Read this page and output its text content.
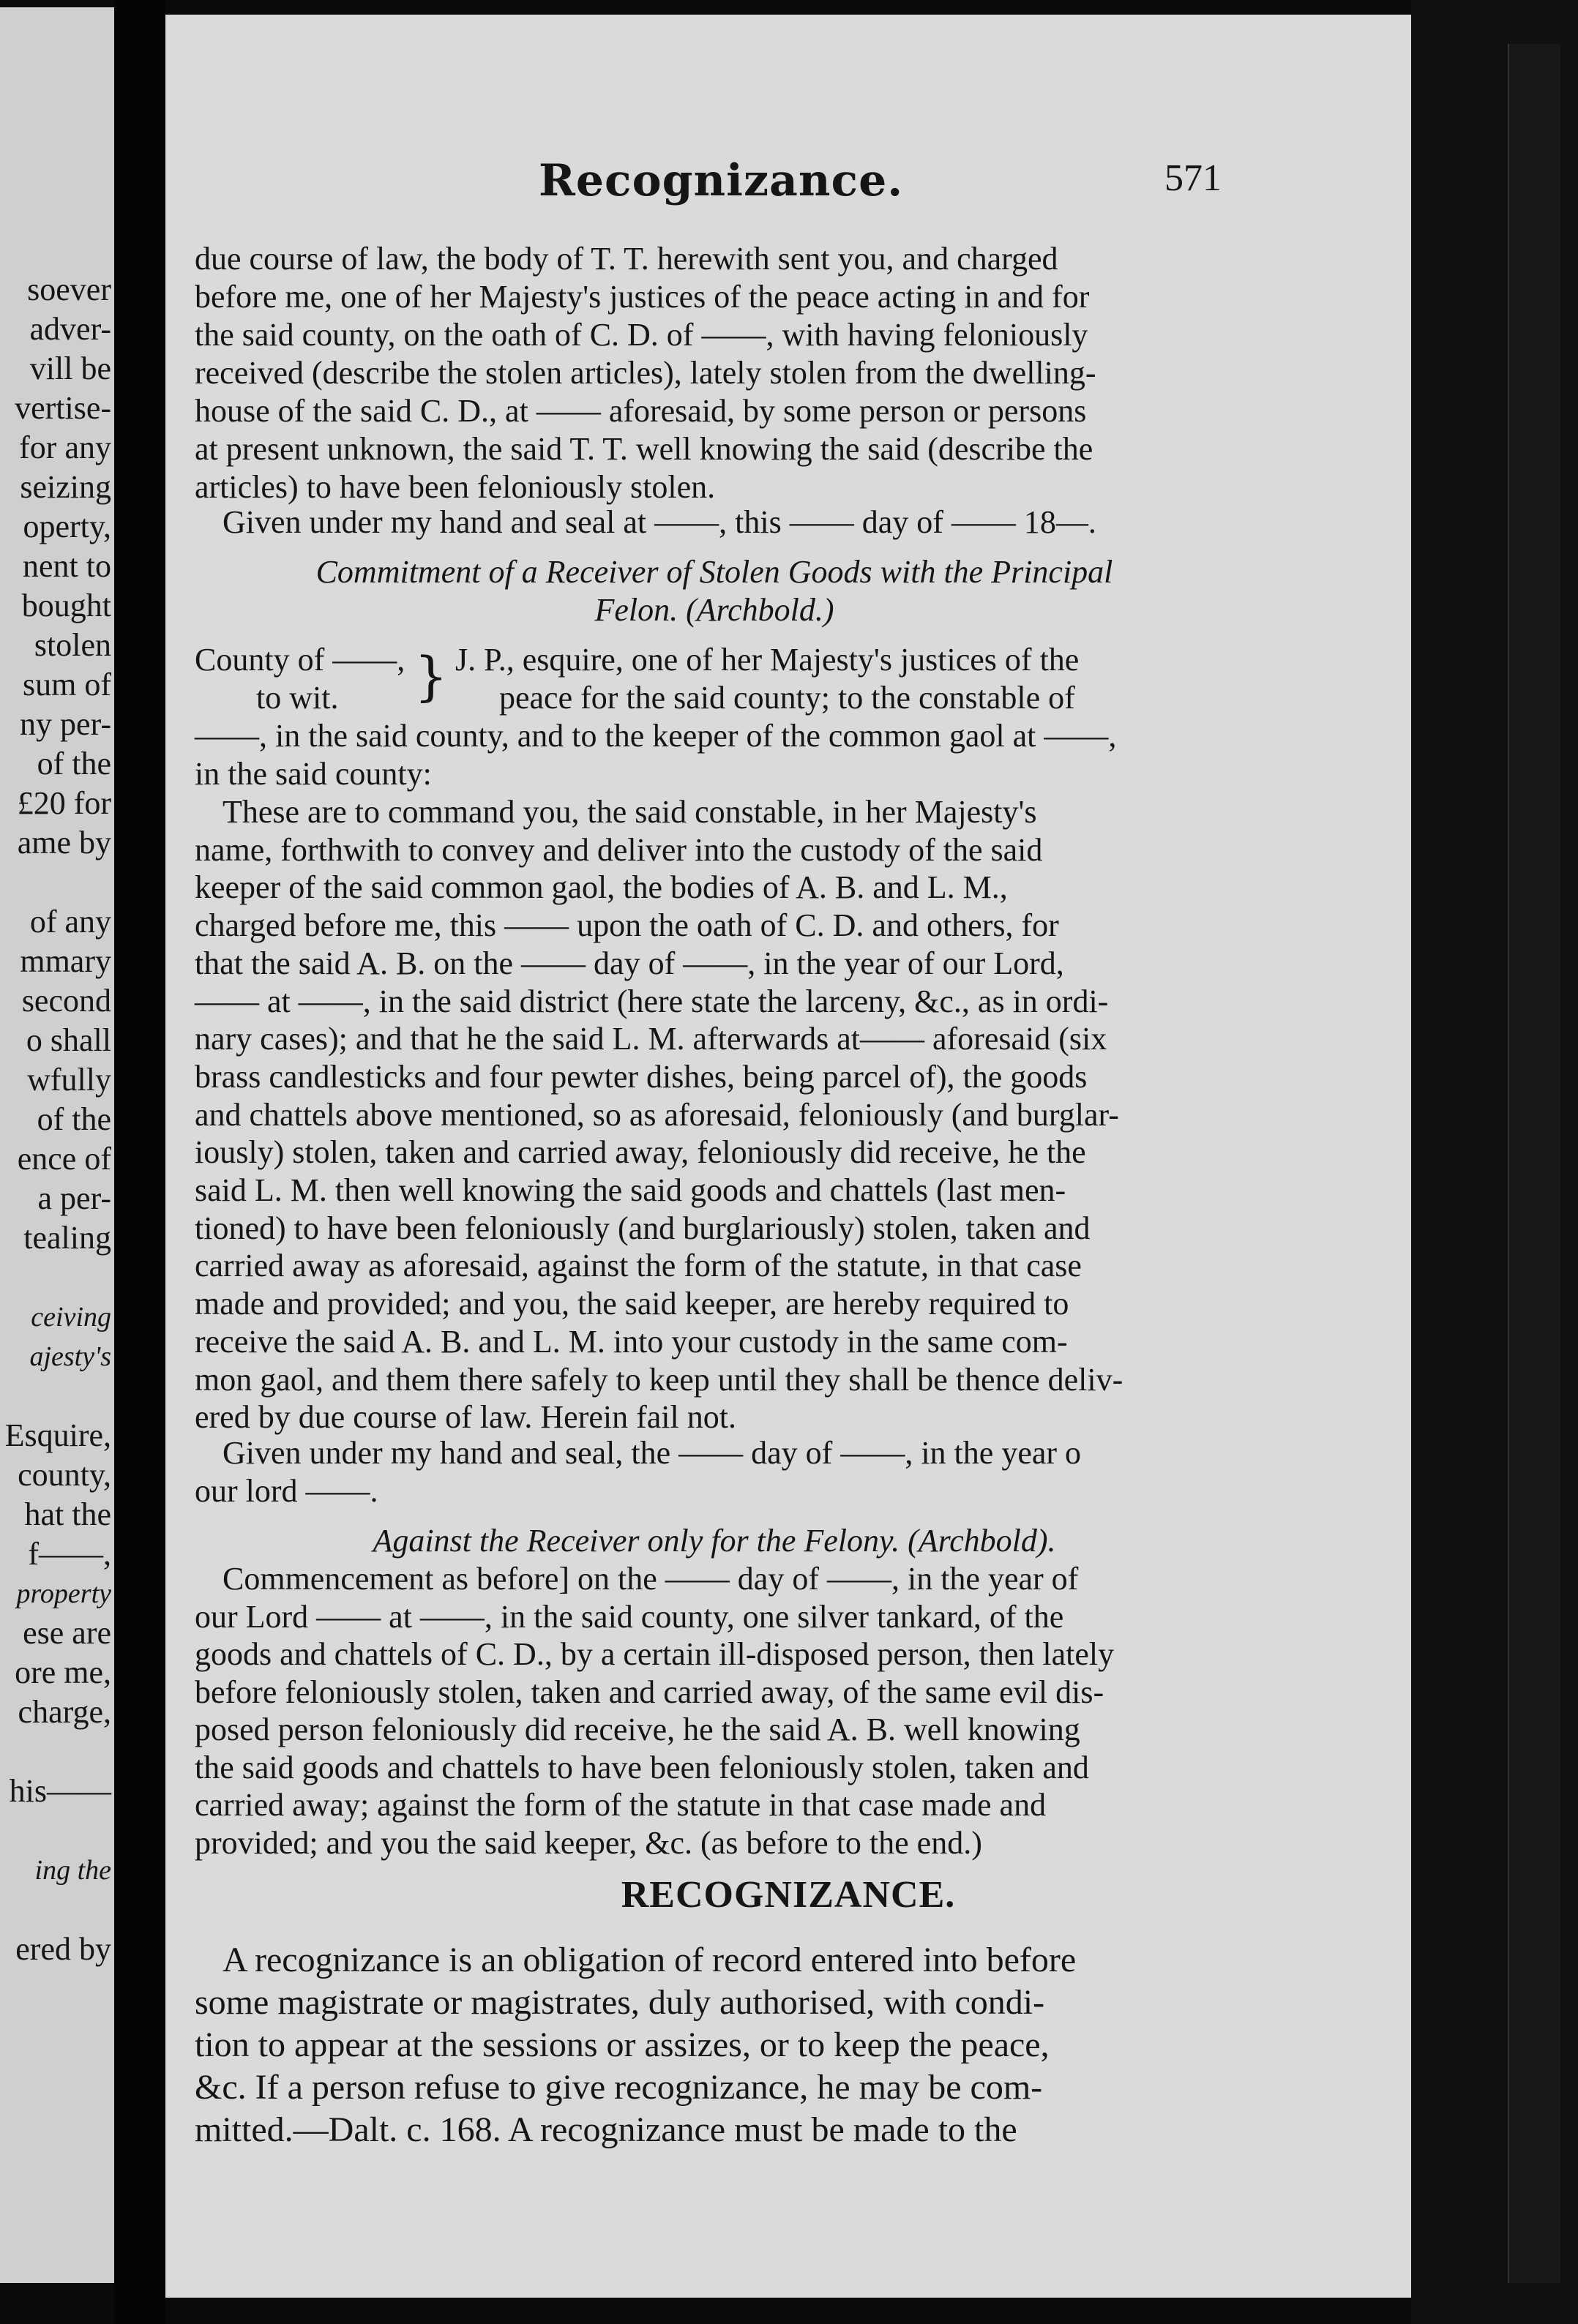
soever
adver-
vill be
vertise-
for any
seizing
operty,
nent to
bought
stolen
sum of
ny per-
of the
£20 for
ame by
of any
mmary
second
o shall
wfully
of the
ence of
a per-
tealing
ceiving
ajesty's
Esquire,
county,
hat the
f——,
property
ese are
ore me,
charge,
his——
ing the
ered by
Recognizance.	571
due course of law, the body of T. T. herewith sent you, and charged
before me, one of her Majesty's justices of the peace acting in and for
the said county, on the oath of C. D. of ——, with having feloniously
received (describe the stolen articles), lately stolen from the dwelling-
house of the said C. D., at —— aforesaid, by some person or persons
at present unknown, the said T. T. well knowing the said (describe the
articles) to have been feloniously stolen.
Given under my hand and seal at ——, this —— day of —— 18—.
Commitment of a Receiver of Stolen Goods with the Principal
Felon. (Archbold.)
County of ——,
to wit.	} J. P., esquire, one of her Majesty's justices of the
peace for the said county; to the constable of
——, in the said county, and to the keeper of the common gaol at ——,
in the said county:
These are to command you, the said constable, in her Majesty's
name, forthwith to convey and deliver into the custody of the said
keeper of the said common gaol, the bodies of A. B. and L. M.,
charged before me, this —— upon the oath of C. D. and others, for
that the said A. B. on the —— day of ——, in the year of our Lord,
—— at ——, in the said district (here state the larceny, &c., as in ordi-
nary cases); and that he the said L. M. afterwards at—— aforesaid (six
brass candlesticks and four pewter dishes, being parcel of), the goods
and chattels above mentioned, so as aforesaid, feloniously (and burglar-
iously) stolen, taken and carried away, feloniously did receive, he the
said L. M. then well knowing the said goods and chattels (last men-
tioned) to have been feloniously (and burglariously) stolen, taken and
carried away as aforesaid, against the form of the statute, in that case
made and provided; and you, the said keeper, are hereby required to
receive the said A. B. and L. M. into your custody in the same com-
mon gaol, and them there safely to keep until they shall be thence deliv-
ered by due course of law. Herein fail not.
Given under my hand and seal, the —— day of ——, in the year o
our lord ——.
Against the Receiver only for the Felony. (Archbold).
Commencement as before] on the —— day of ——, in the year of
our Lord —— at ——, in the said county, one silver tankard, of the
goods and chattels of C. D., by a certain ill-disposed person, then lately
before feloniously stolen, taken and carried away, of the same evil dis-
posed person feloniously did receive, he the said A. B. well knowing
the said goods and chattels to have been feloniously stolen, taken and
carried away; against the form of the statute in that case made and
provided; and you the said keeper, &c. (as before to the end.)
RECOGNIZANCE.
A recognizance is an obligation of record entered into before
some magistrate or magistrates, duly authorised, with condi-
tion to appear at the sessions or assizes, or to keep the peace,
&c. If a person refuse to give recognizance, he may be com-
mitted.—Dalt. c. 168. A recognizance must be made to the
